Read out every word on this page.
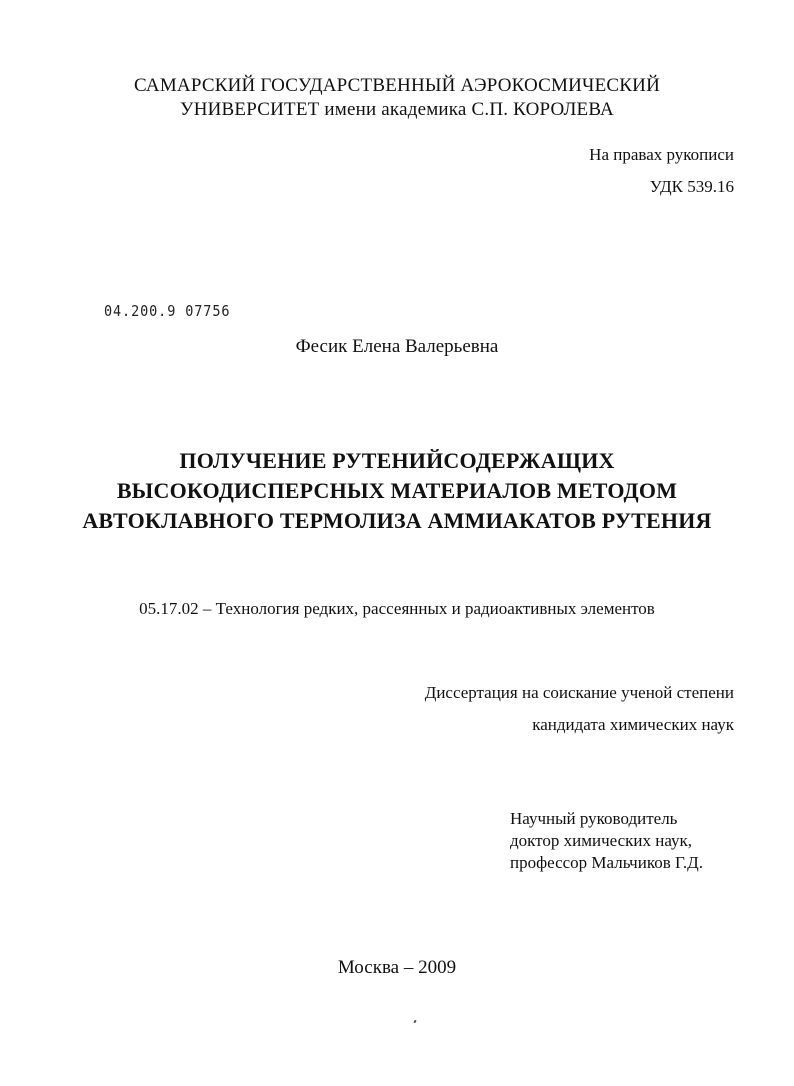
САМАРСКИЙ ГОСУДАРСТВЕННЫЙ АЭРОКОСМИЧЕСКИЙ
УНИВЕРСИТЕТ имени академика С.П. КОРОЛЕВА
На правах рукописи
УДК 539.16
04.200.9 07756
Фесик Елена Валерьевна
ПОЛУЧЕНИЕ РУТЕНИЙСОДЕРЖАЩИХ
ВЫСОКОДИСПЕРСНЫХ МАТЕРИАЛОВ МЕТОДОМ
АВТОКЛАВНОГО ТЕРМОЛИЗА АММИАКАТОВ РУТЕНИЯ
05.17.02 – Технология редких, рассеянных и радиоактивных элементов
Диссертация на соискание ученой степени
кандидата химических наук
Научный руководитель
доктор химических наук,
профессор Мальчиков Г.Д.
Москва – 2009
